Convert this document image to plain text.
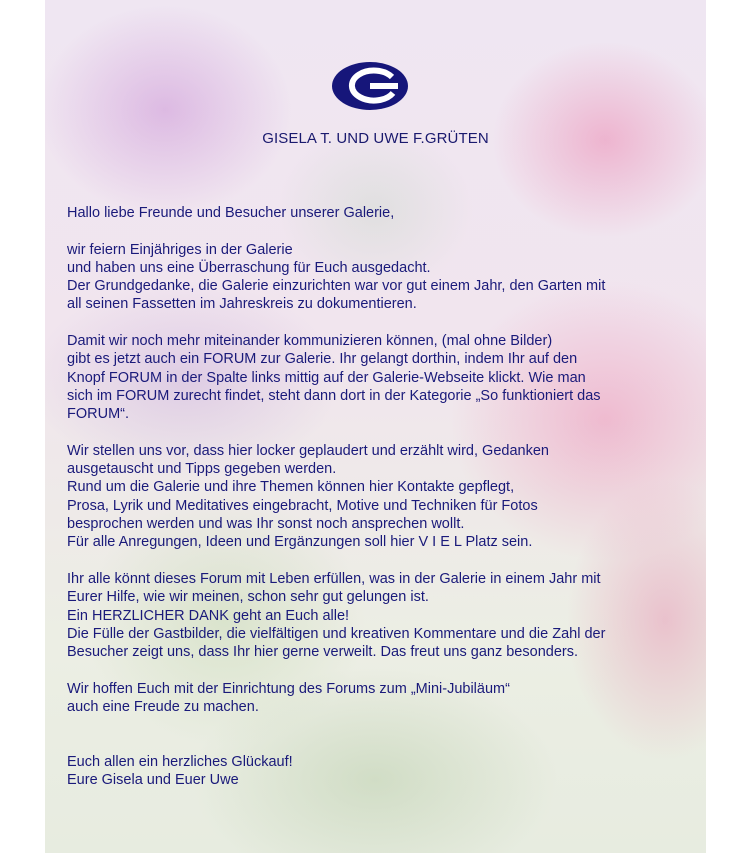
GISELA T. UND UWE F.GRÜTEN

Hallo liebe Freunde und Besucher unserer Galerie,

wir feiern Einjähriges in der Galerie
und haben uns eine Überraschung für Euch ausgedacht.
Der Grundgedanke, die Galerie einzurichten war vor gut einem Jahr, den Garten mit
all seinen Fassetten im Jahreskreis zu dokumentieren.

Damit wir noch mehr miteinander kommunizieren können, (mal ohne Bilder)
gibt es jetzt auch ein FORUM zur Galerie. Ihr gelangt dorthin, indem Ihr auf den
Knopf FORUM in der Spalte links mittig auf der Galerie-Webseite klickt. Wie man
sich im FORUM zurecht findet, steht dann dort in der Kategorie „So funktioniert das
FORUM“.

Wir stellen uns vor, dass hier locker geplaudert und erzählt wird, Gedanken
ausgetauscht und Tipps gegeben werden.
Rund um die Galerie und ihre Themen können hier Kontakte gepflegt,
Prosa, Lyrik und Meditatives eingebracht, Motive und Techniken für Fotos
besprochen werden und was Ihr sonst noch ansprechen wollt.
Für alle Anregungen, Ideen und Ergänzungen soll hier V I E L Platz sein.

Ihr alle könnt dieses Forum mit Leben erfüllen, was in der Galerie in einem Jahr mit
Eurer Hilfe, wie wir meinen, schon sehr gut gelungen ist.
Ein HERZLICHER DANK geht an Euch alle!
Die Fülle der Gastbilder, die vielfältigen und kreativen Kommentare und die Zahl der
Besucher zeigt uns, dass Ihr hier gerne verweilt. Das freut uns ganz besonders.

Wir hoffen Euch mit der Einrichtung des Forums zum „Mini-Jubiläum“
auch eine Freude zu machen.

Euch allen ein herzliches Glückauf!
Eure Gisela und Euer Uwe
